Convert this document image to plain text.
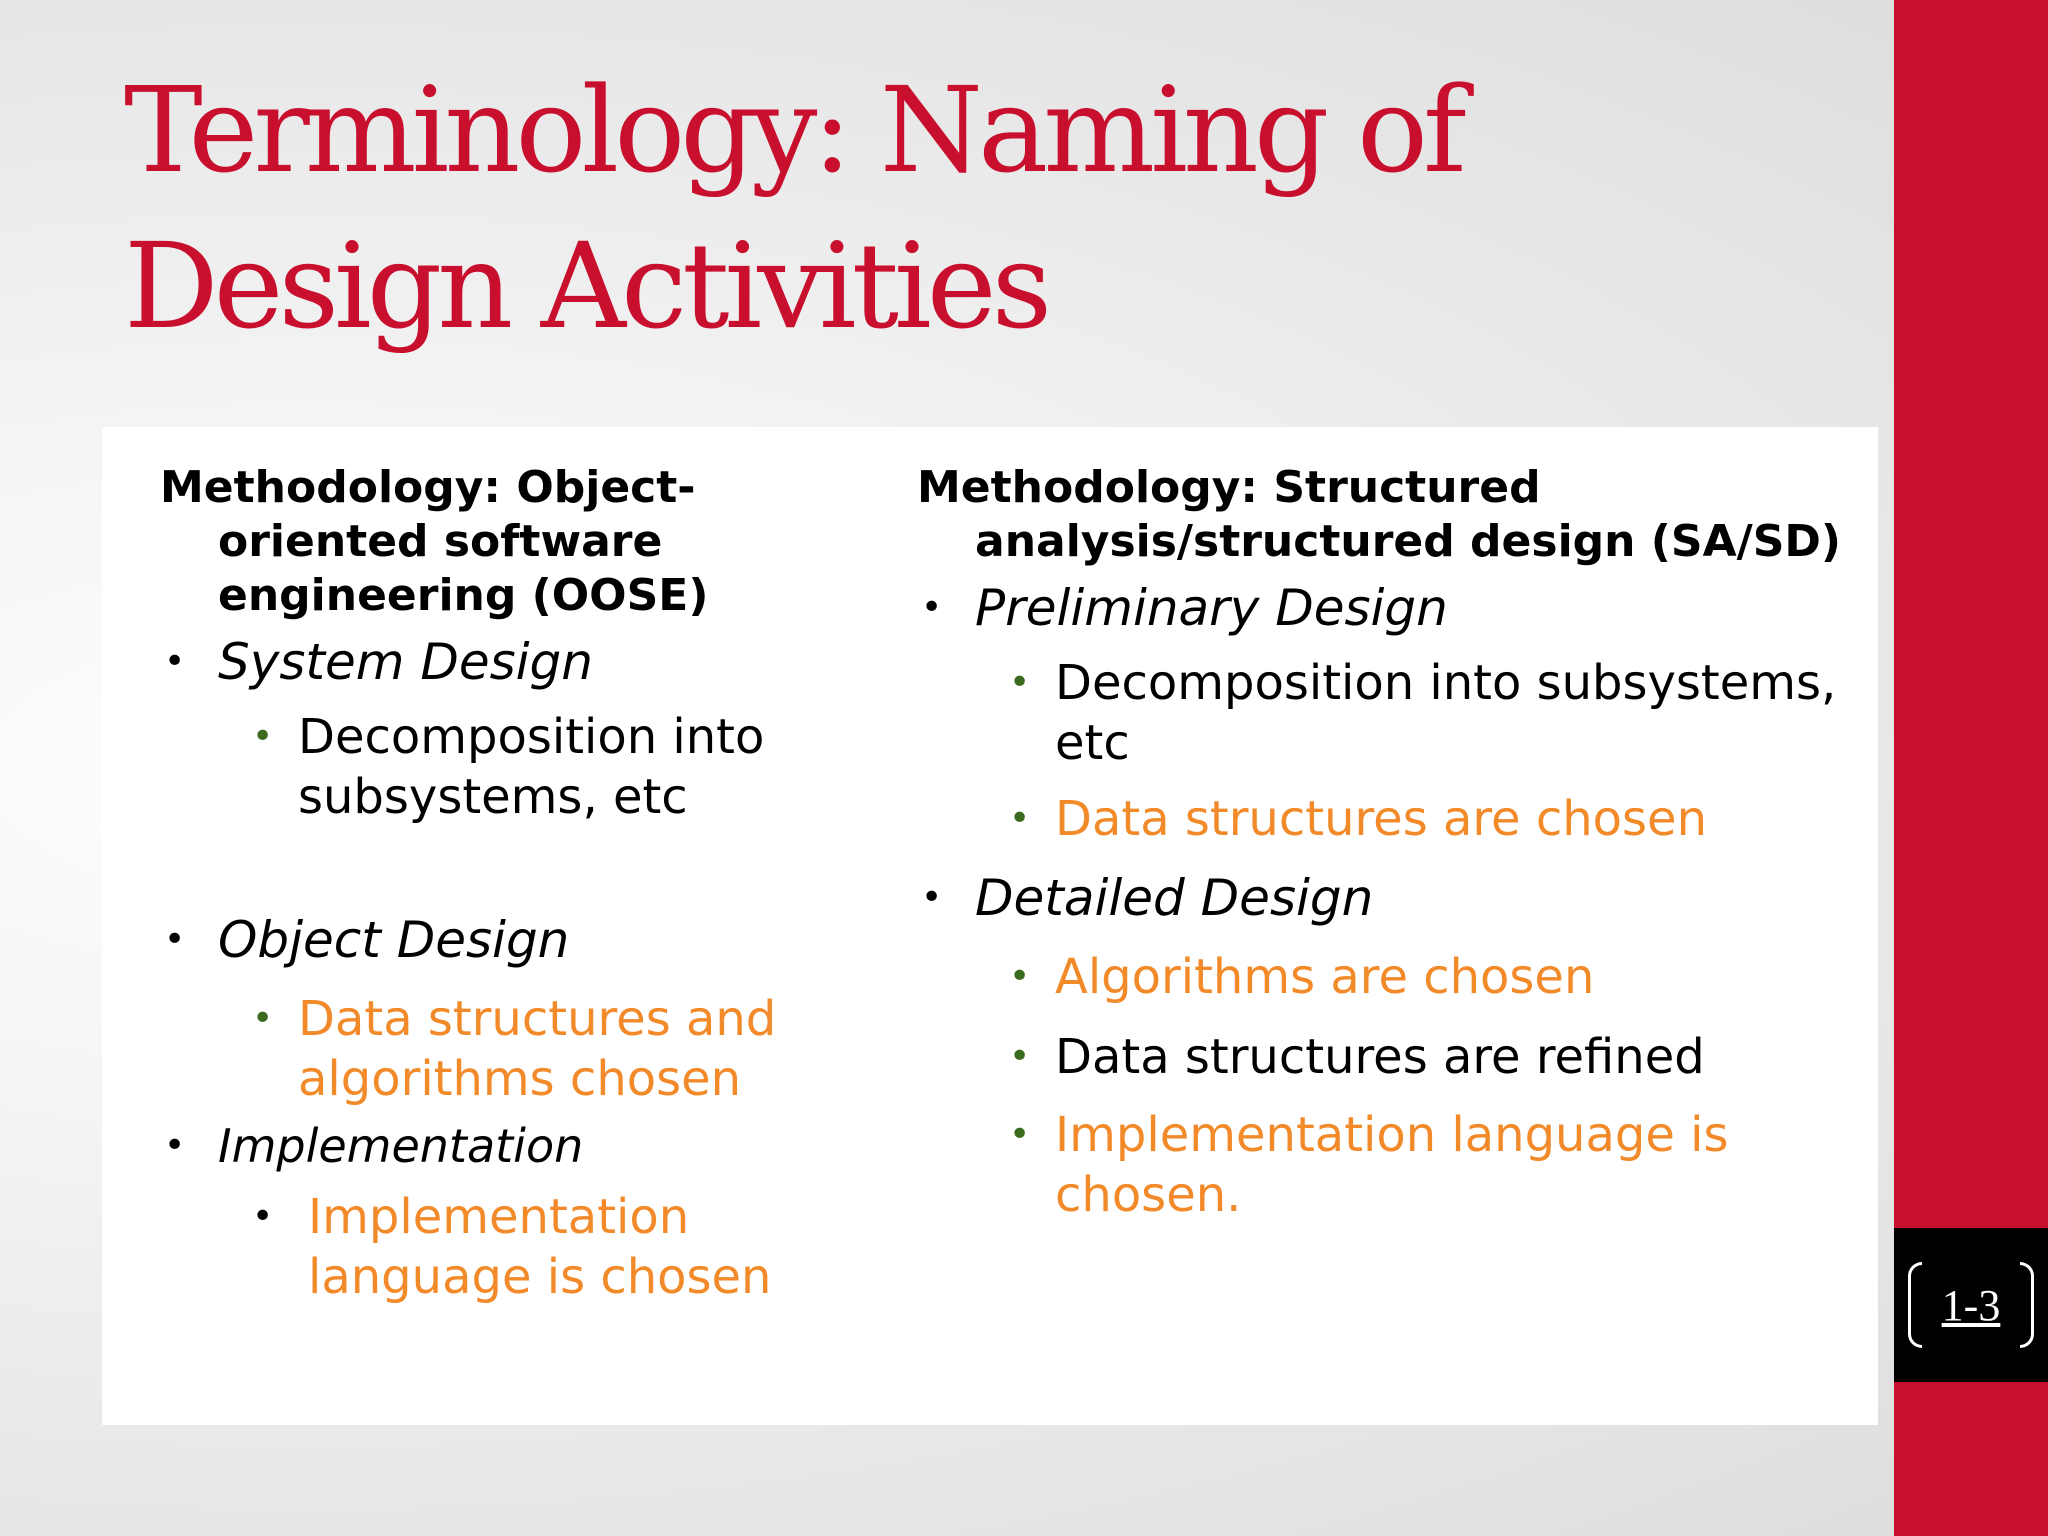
Terminology: Naming of Design Activities
1-3

Methodology: Object-oriented software engineering (OOSE)

• System Design
• Decomposition into subsystems, etc
• Object Design
• Data structures and algorithms chosen
• Implementation
• Implementation language is chosen

Methodology: Structured analysis/structured design (SA/SD)

• Preliminary Design
• Decomposition into subsystems, etc
• Data structures are chosen
• Detailed Design
• Algorithms are chosen
• Data structures are refined
• Implementation language is chosen.
